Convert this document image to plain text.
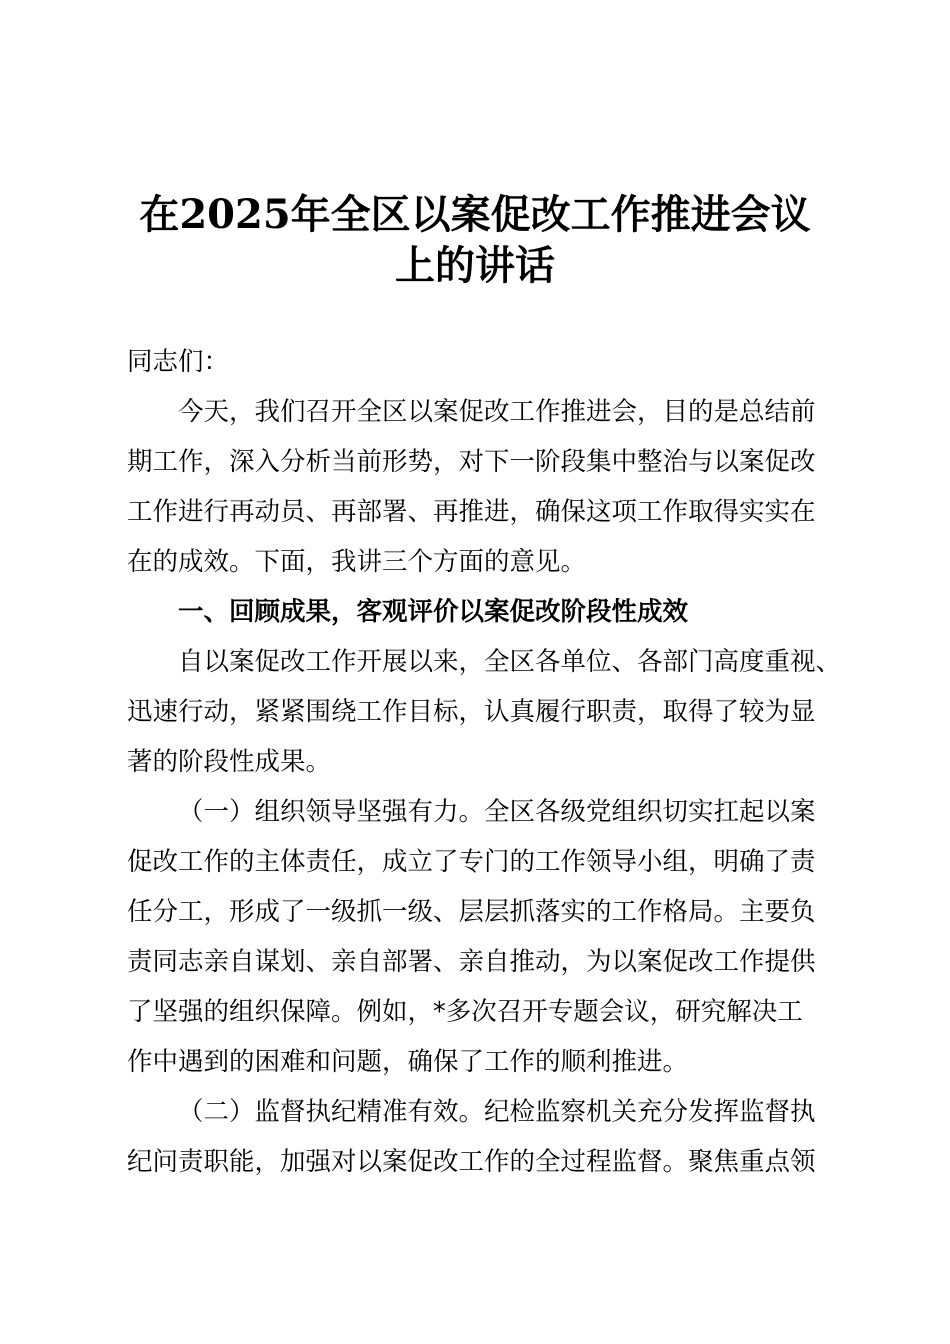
在2025年全区以案促改工作推进会议
上的讲话
同志们：
今天，我们召开全区以案促改工作推进会，目的是总结前
期工作，深入分析当前形势，对下一阶段集中整治与以案促改
工作进行再动员、再部署、再推进，确保这项工作取得实实在
在的成效。下面，我讲三个方面的意见。
一、回顾成果，客观评价以案促改阶段性成效
自以案促改工作开展以来，全区各单位、各部门高度重视、
迅速行动，紧紧围绕工作目标，认真履行职责，取得了较为显
著的阶段性成果。
（一）组织领导坚强有力。全区各级党组织切实扛起以案
促改工作的主体责任，成立了专门的工作领导小组，明确了责
任分工，形成了一级抓一级、层层抓落实的工作格局。主要负
责同志亲自谋划、亲自部署、亲自推动，为以案促改工作提供
了坚强的组织保障。例如，*多次召开专题会议，研究解决工
作中遇到的困难和问题，确保了工作的顺利推进。
（二）监督执纪精准有效。纪检监察机关充分发挥监督执
纪问责职能，加强对以案促改工作的全过程监督。聚焦重点领
